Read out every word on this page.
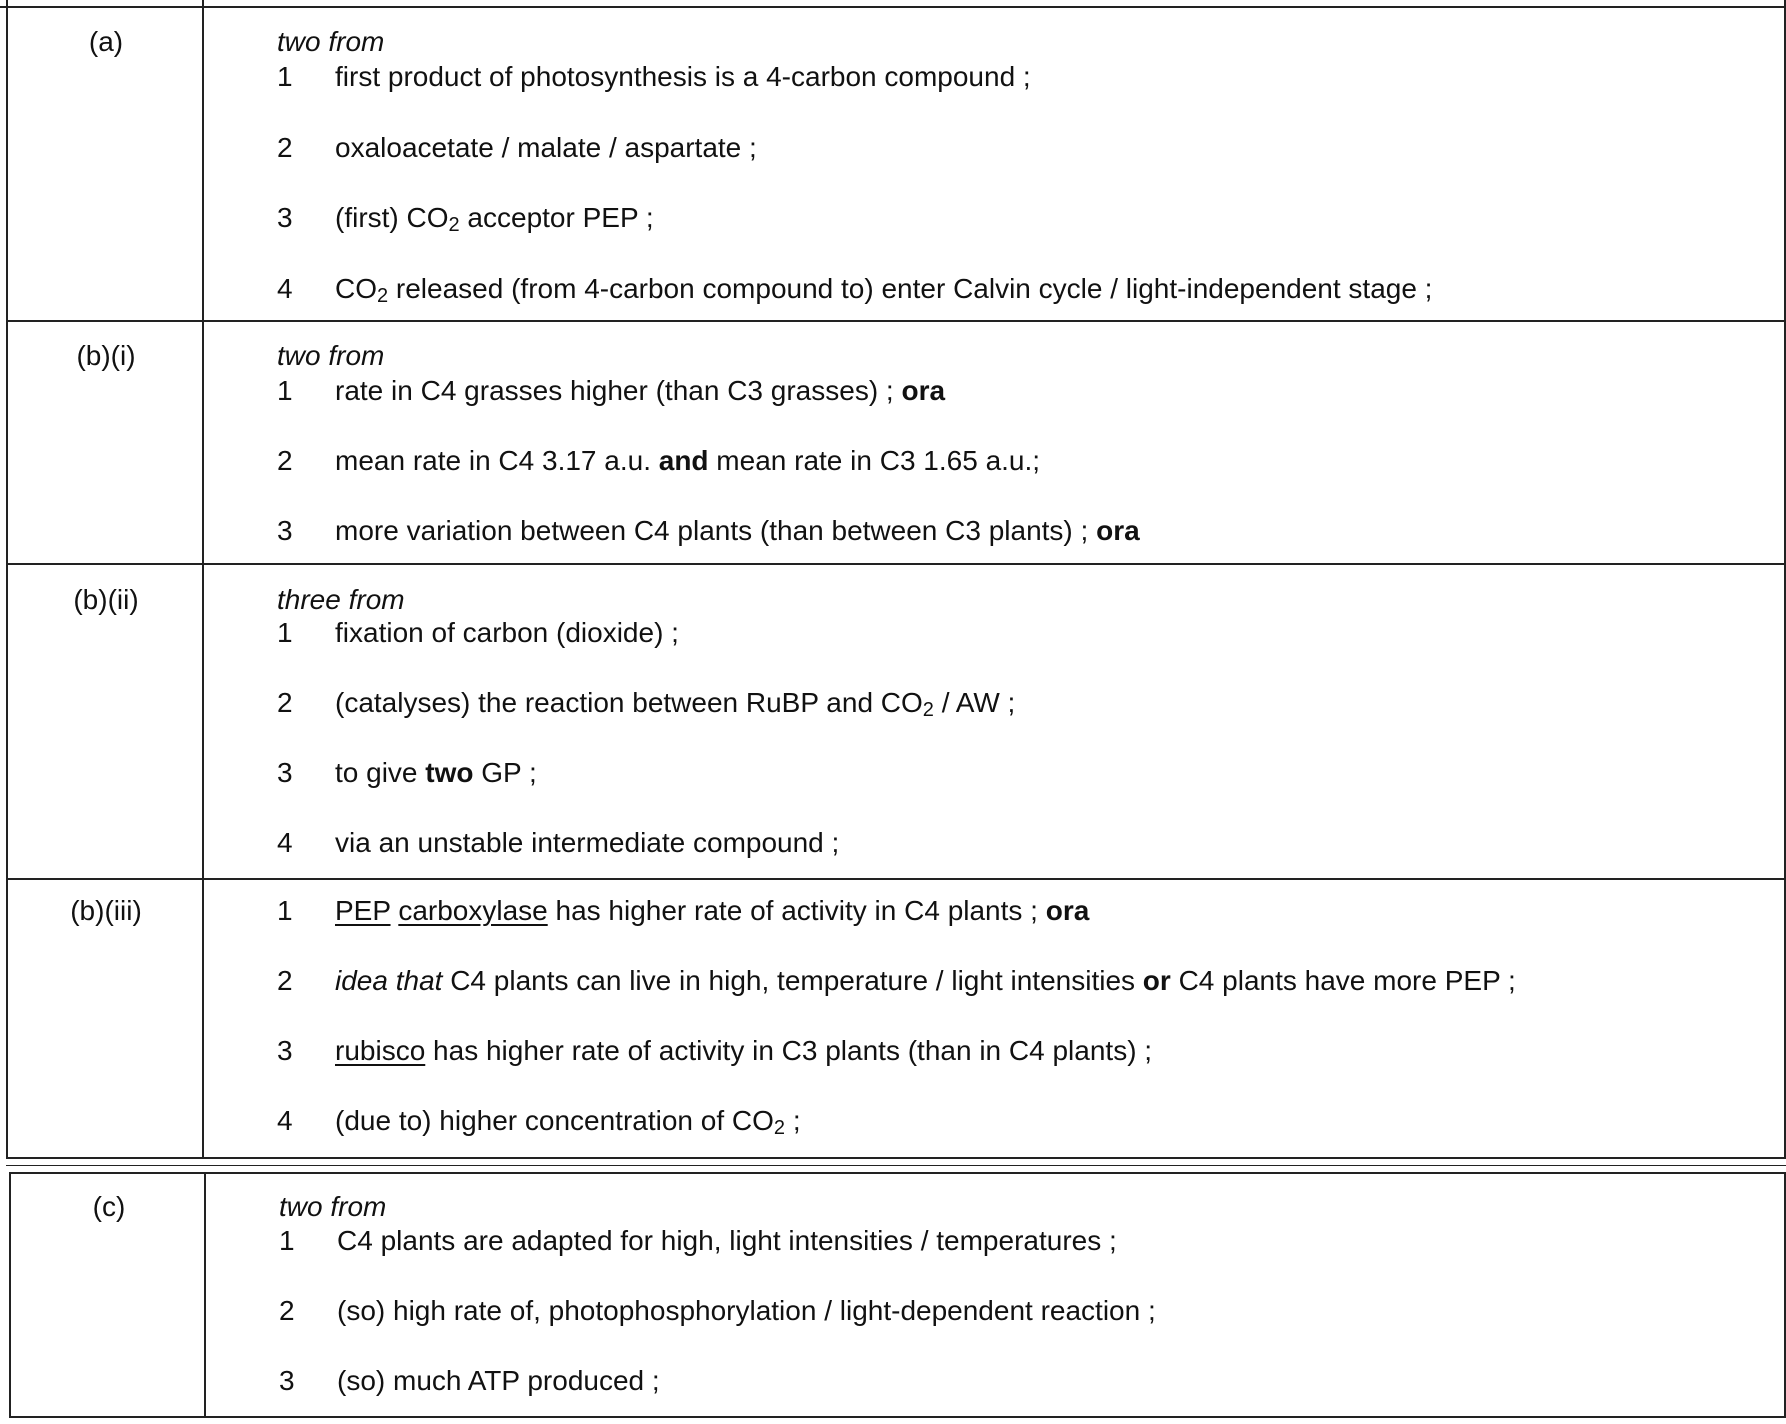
(a)	two from
1 first product of photosynthesis is a 4-carbon compound ;
2 oxaloacetate / malate / aspartate ;
3 (first) $CO_2$ acceptor PEP ;
4 $CO_2$ released (from 4-carbon compound to) enter Calvin cycle / light-independent stage ;
(b)(i)	two from
1 rate in C4 grasses higher (than C3 grasses) ; ora
2 mean rate in C4 3.17 a.u. and mean rate in C3 1.65 a.u.;
3 more variation between C4 plants (than between C3 plants) ; ora
(b)(ii)	three from
1 fixation of carbon (dioxide) ;
2 (catalyses) the reaction between RuBP and $CO_2$ / AW ;
3 to give two GP ;
4 via an unstable intermediate compound ;
(b)(iii)	1 PEP carboxylase has higher rate of activity in C4 plants ; ora
2 idea that C4 plants can live in high, temperature / light intensities or C4 plants have more PEP ;
3 rubisco has higher rate of activity in C3 plants (than in C4 plants) ;
4 (due to) higher concentration of $CO_2$ ;
(c)	two from
1 C4 plants are adapted for high, light intensities / temperatures ;
2 (so) high rate of, photophosphorylation / light-dependent reaction ;
3 (so) much ATP produced ;
